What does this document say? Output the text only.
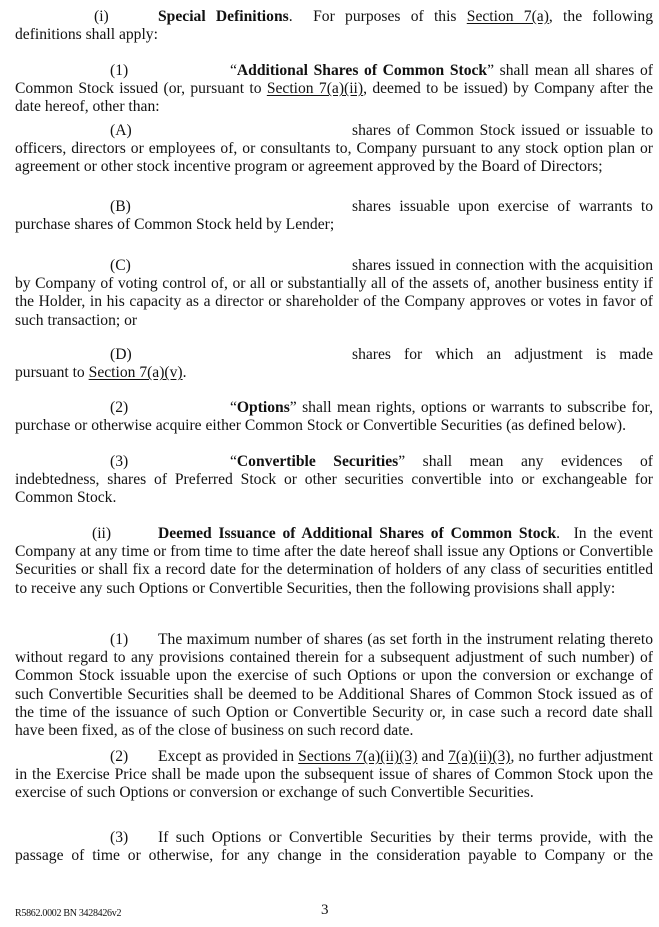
(i)	Special Definitions. For purposes of this Section 7(a), the following definitions shall apply:

(1)	“Additional Shares of Common Stock” shall mean all shares of Common Stock issued (or, pursuant to Section 7(a)(ii), deemed to be issued) by Company after the date hereof, other than:

(A)	shares of Common Stock issued or issuable to officers, directors or employees of, or consultants to, Company pursuant to any stock option plan or agreement or other stock incentive program or agreement approved by the Board of Directors;

(B)	shares issuable upon exercise of warrants to purchase shares of Common Stock held by Lender;

(C)	shares issued in connection with the acquisition by Company of voting control of, or all or substantially all of the assets of, another business entity if the Holder, in his capacity as a director or shareholder of the Company approves or votes in favor of such transaction; or

(D)	shares for which an adjustment is made pursuant to Section 7(a)(v).

(2)	“Options” shall mean rights, options or warrants to subscribe for, purchase or otherwise acquire either Common Stock or Convertible Securities (as defined below).

(3)	“Convertible Securities” shall mean any evidences of indebtedness, shares of Preferred Stock or other securities convertible into or exchangeable for Common Stock.

(ii)	Deemed Issuance of Additional Shares of Common Stock. In the event Company at any time or from time to time after the date hereof shall issue any Options or Convertible Securities or shall fix a record date for the determination of holders of any class of securities entitled to receive any such Options or Convertible Securities, then the following provisions shall apply:

(1) The maximum number of shares (as set forth in the instrument relating thereto without regard to any provisions contained therein for a subsequent adjustment of such number) of Common Stock issuable upon the exercise of such Options or upon the conversion or exchange of such Convertible Securities shall be deemed to be Additional Shares of Common Stock issued as of the time of the issuance of such Option or Convertible Security or, in case such a record date shall have been fixed, as of the close of business on such record date.

(2) Except as provided in Sections 7(a)(ii)(3) and 7(a)(ii)(3), no further adjustment in the Exercise Price shall be made upon the subsequent issue of shares of Common Stock upon the exercise of such Options or conversion or exchange of such Convertible Securities.

(3) If such Options or Convertible Securities by their terms provide, with the passage of time or otherwise, for any change in the consideration payable to Company or the

R5862.0002 BN 3428426v2	3
